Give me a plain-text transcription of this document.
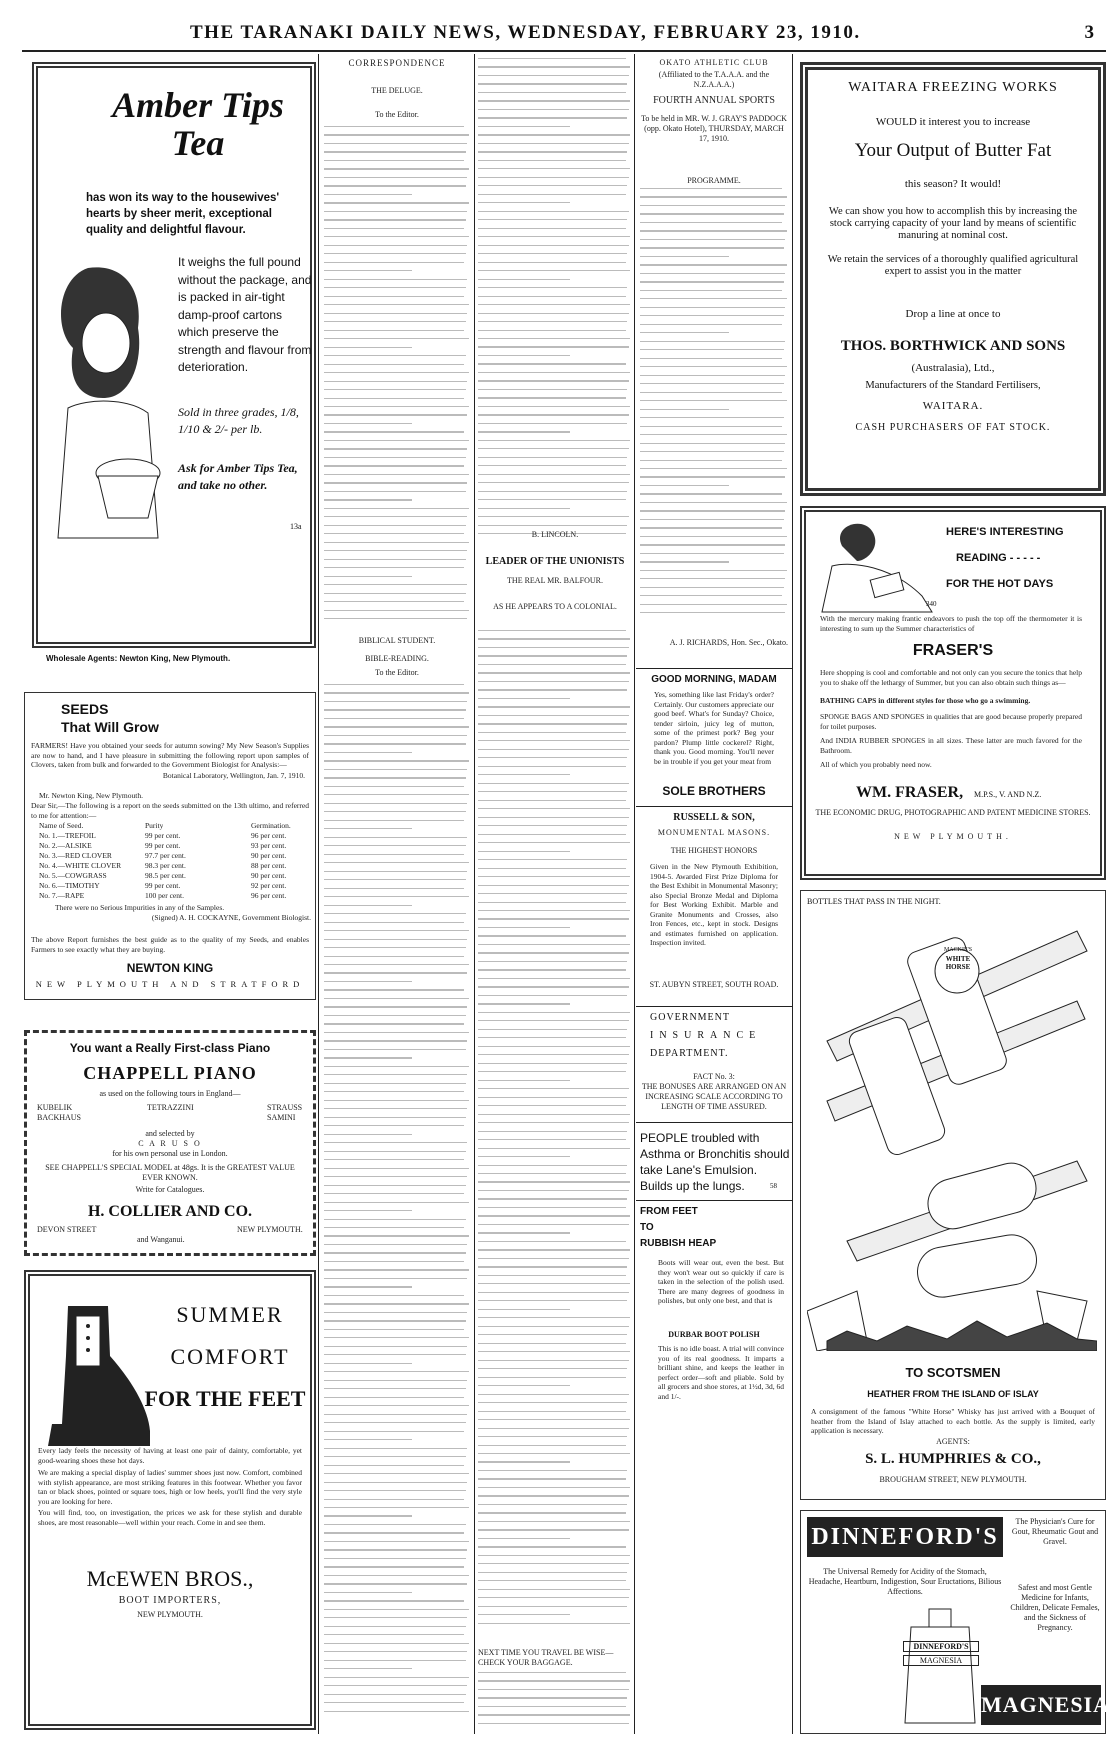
THE TARANAKI DAILY NEWS, WEDNESDAY, FEBRUARY 23, 1910.	3
Amber Tips
Tea
has won its way to the housewives' hearts by sheer merit, exceptional quality and delightful flavour.
It weighs the full pound without the package, and is packed in air-tight damp-proof cartons which preserve the strength and flavour from deterioration.
Sold in three grades, 1/8, 1/10 & 2/- per lb.
Ask for Amber Tips Tea, and take no other.
13a
Wholesale Agents: Newton King, New Plymouth.
SEEDS
That Will Grow
FARMERS! Have you obtained your seeds for autumn sowing? My New Season's Supplies are now to hand, and I have pleasure in submitting the following report upon samples of Clovers, taken from bulk and forwarded to the Government Biologist for Analysis:—
Botanical Laboratory, Wellington, Jan. 7, 1910.
Mr. Newton King, New Plymouth.
Dear Sir,—The following is a report on the seeds submitted on the 13th ultimo, and referred to me for attention:—
Name of Seed.	Purity	Germination.
No. 1.—TREFOIL	99 per cent.	96 per cent.
No. 2.—ALSIKE	99 per cent.	93 per cent.
No. 3.—RED CLOVER	97.7 per cent.	90 per cent.
No. 4.—WHITE CLOVER	98.3 per cent.	88 per cent.
No. 5.—COWGRASS	98.5 per cent.	90 per cent.
No. 6.—TIMOTHY	99 per cent.	92 per cent.
No. 7.—RAPE	100 per cent.	96 per cent.
There were no Serious Impurities in any of the Samples.
(Signed) A. H. COCKAYNE, Government Biologist.
The above Report furnishes the best guide as to the quality of my Seeds, and enables Farmers to see exactly what they are buying.
NEWTON KING
NEW PLYMOUTH AND STRATFORD
You want a Really First-class Piano
CHAPPELL PIANO
as used on the following tours in England—
KUBELIK	TETRAZZINI	STRAUSS
BACKHAUS	SAMINI
and selected by
C A R U S O
for his own personal use in London.
SEE CHAPPELL'S SPECIAL MODEL at 48gs. It is the GREATEST VALUE EVER KNOWN.
Write for Catalogues.
H. COLLIER AND CO.
DEVON STREET	NEW PLYMOUTH.
and Wanganui.
SUMMER
COMFORT
FOR THE FEET
Every lady feels the necessity of having at least one pair of dainty, comfortable, yet good-wearing shoes these hot days.
We are making a special display of ladies' summer shoes just now. Comfort, combined with stylish appearance, are most striking features in this footwear. Whether you favor tan or black shoes, pointed or square toes, high or low heels, you'll find the very style you are looking for here.
You will find, too, on investigation, the prices we ask for these stylish and durable shoes, are most reasonable—well within your reach. Come in and see them.
McEWEN BROS.,
BOOT IMPORTERS,
NEW PLYMOUTH.
CORRESPONDENCE
THE DELUGE.
To the Editor.
BIBLICAL STUDENT.
BIBLE-READING.
To the Editor.
B. LINCOLN.
LEADER OF THE UNIONISTS
THE REAL MR. BALFOUR.
AS HE APPEARS TO A COLONIAL.
NEXT TIME YOU TRAVEL BE WISE—CHECK YOUR BAGGAGE.
OKATO ATHLETIC CLUB
(Affiliated to the T.A.A.A. and the N.Z.A.A.A.)
FOURTH ANNUAL SPORTS
To be held in MR. W. J. GRAY'S PADDOCK (opp. Okato Hotel), THURSDAY, MARCH 17, 1910.
PROGRAMME.
A. J. RICHARDS, Hon. Sec., Okato.
GOOD MORNING, MADAM
Yes, something like last Friday's order? Certainly. Our customers appreciate our good beef. What's for Sunday? Choice, tender sirloin, juicy leg of mutton, some of the primest pork? Beg your pardon? Plump little cockerel? Right, thank you. Good morning. You'll never be in trouble if you get your meat from
SOLE BROTHERS
RUSSELL & SON,
MONUMENTAL MASONS.
THE HIGHEST HONORS
Given in the New Plymouth Exhibition, 1904-5. Awarded First Prize Diploma for the Best Exhibit in Monumental Masonry; also Special Bronze Medal and Diploma for Best Working Exhibit. Marble and Granite Monuments and Crosses, also Iron Fences, etc., kept in stock. Designs and estimates furnished on application. Inspection invited.
ST. AUBYN STREET, SOUTH ROAD.
GOVERNMENT
INSURANCE
DEPARTMENT.
FACT No. 3:
THE BONUSES ARE ARRANGED ON AN INCREASING SCALE ACCORDING TO LENGTH OF TIME ASSURED.
PEOPLE troubled with Asthma or Bronchitis should take Lane's Emulsion. Builds up the lungs.	58
FROM FEET
TO
RUBBISH HEAP
Boots will wear out, even the best. But they won't wear out so quickly if care is taken in the selection of the polish used. There are many degrees of goodness in polishes, but only one best, and that is
DURBAR BOOT POLISH
This is no idle boast. A trial will convince you of its real goodness. It imparts a brilliant shine, and keeps the leather in perfect order—soft and pliable. Sold by all grocers and shoe stores, at 1½d, 3d, 6d and 1/-.
WAITARA FREEZING WORKS
WOULD it interest you to increase
Your Output of Butter Fat
this season? It would!
We can show you how to accomplish this by increasing the stock carrying capacity of your land by means of scientific manuring at nominal cost.
We retain the services of a thoroughly qualified agricultural expert to assist you in the matter
Drop a line at once to
THOS. BORTHWICK AND SONS
(Australasia), Ltd.,
Manufacturers of the Standard Fertilisers,
WAITARA.
CASH PURCHASERS OF FAT STOCK.
HERE'S INTERESTING
READING - - - - -
FOR THE HOT DAYS
340
With the mercury making frantic endeavors to push the top off the thermometer it is interesting to sum up the Summer characteristics of
FRASER'S
Here shopping is cool and comfortable and not only can you secure the tonics that help you to shake off the lethargy of Summer, but you can also obtain such things as—
BATHING CAPS in different styles for those who go a swimming.
SPONGE BAGS AND SPONGES in qualities that are good because properly prepared for toilet purposes.
And INDIA RUBBER SPONGES in all sizes. These latter are much favored for the Bathroom.
All of which you probably need now.
WM. FRASER, M.P.S., V. AND N.Z.
THE ECONOMIC DRUG, PHOTOGRAPHIC AND PATENT MEDICINE STORES.
NEW PLYMOUTH.
BOTTLES THAT PASS IN THE NIGHT.
WHITE HORSE
MACKIE'S
TO SCOTSMEN
HEATHER FROM THE ISLAND OF ISLAY
A consignment of the famous "White Horse" Whisky has just arrived with a Bouquet of heather from the Island of Islay attached to each bottle. As the supply is limited, early application is necessary.
AGENTS:
S. L. HUMPHRIES & CO.,
BROUGHAM STREET, NEW PLYMOUTH.
DINNEFORD'S
The Universal Remedy for Acidity of the Stomach, Headache, Heartburn, Indigestion, Sour Eructations, Bilious Affections.
The Physician's Cure for Gout, Rheumatic Gout and Gravel.
Safest and most Gentle Medicine for Infants, Children, Delicate Females, and the Sickness of Pregnancy.
DINNEFORD'S
MAGNESIA
MAGNESIA
